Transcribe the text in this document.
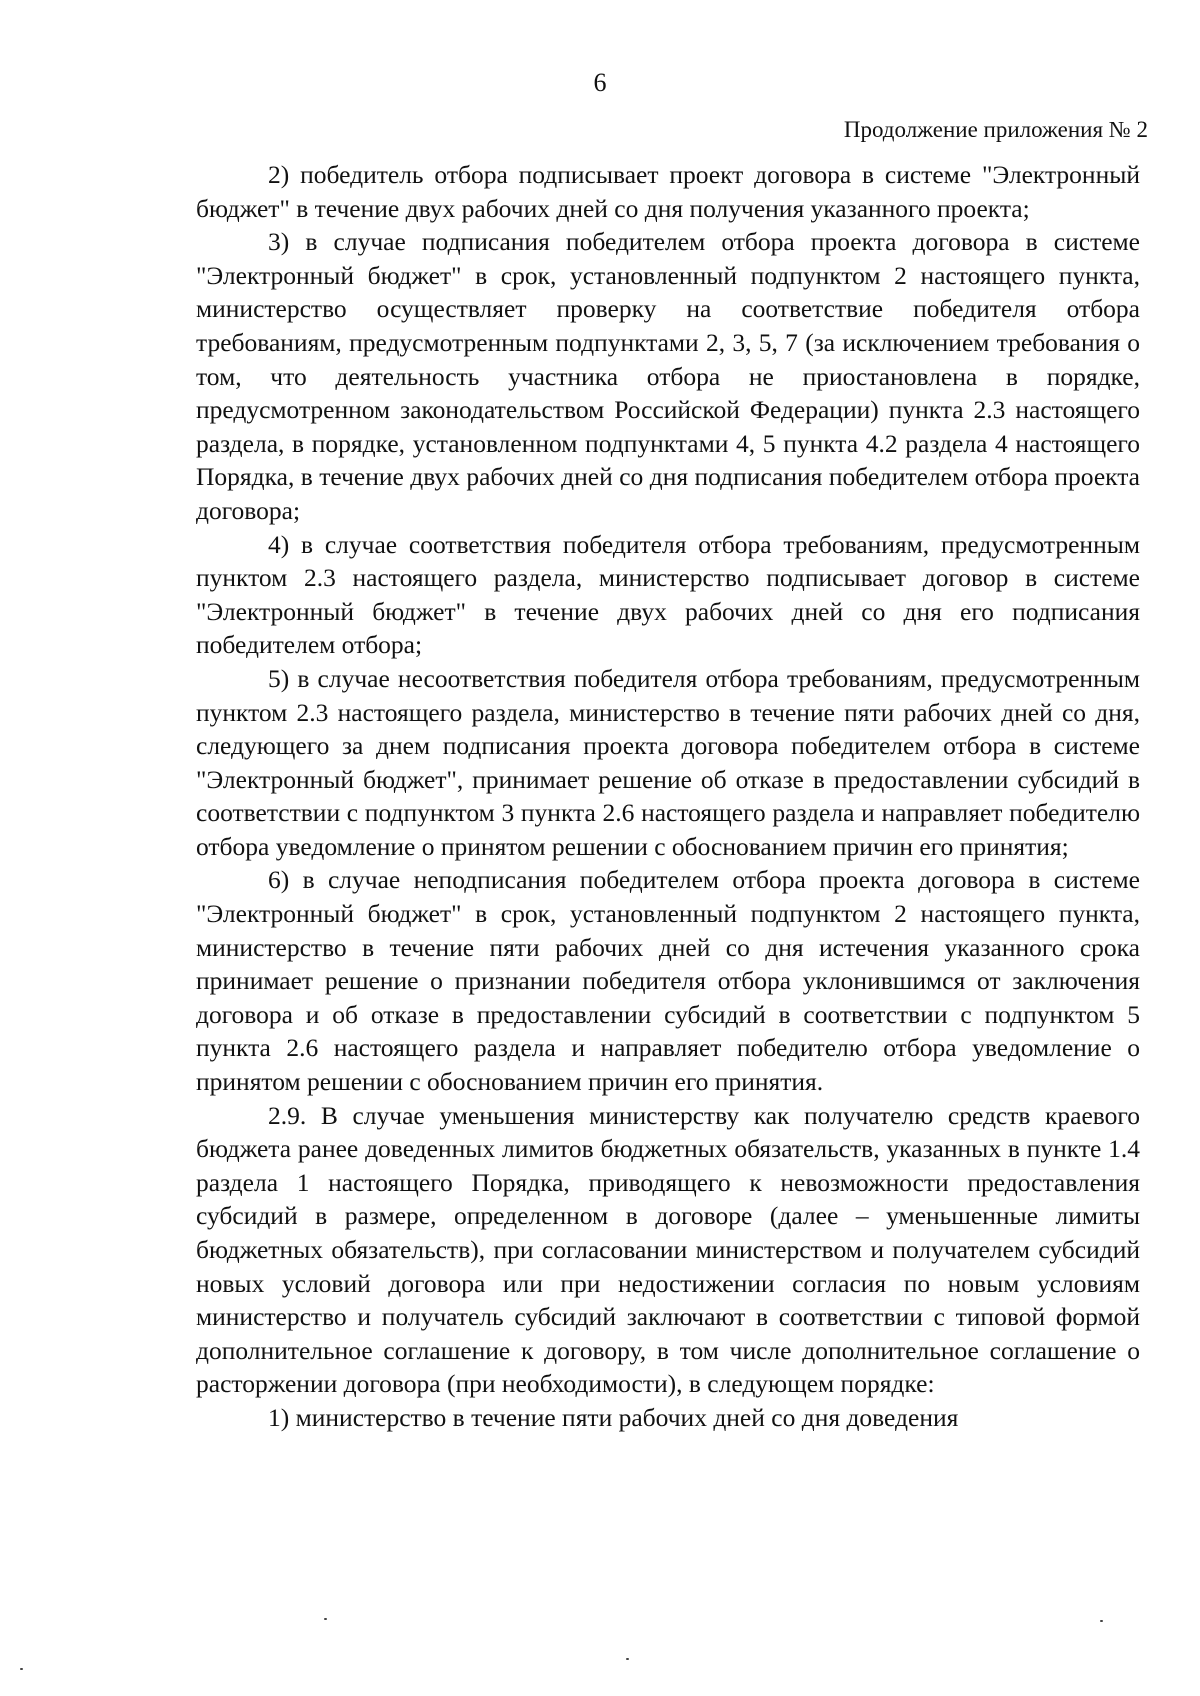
6
Продолжение приложения № 2

2) победитель отбора подписывает проект договора в системе "Электронный бюджет" в течение двух рабочих дней со дня получения указанного проекта;

3) в случае подписания победителем отбора проекта договора в системе "Электронный бюджет" в срок, установленный подпунктом 2 настоящего пункта, министерство осуществляет проверку на соответствие победителя отбора требованиям, предусмотренным подпунктами 2, 3, 5, 7 (за исключением требования о том, что деятельность участника отбора не приостановлена в порядке, предусмотренном законодательством Российской Федерации) пункта 2.3 настоящего раздела, в порядке, установленном подпунктами 4, 5 пункта 4.2 раздела 4 настоящего Порядка, в течение двух рабочих дней со дня подписания победителем отбора проекта договора;

4) в случае соответствия победителя отбора требованиям, предусмотренным пунктом 2.3 настоящего раздела, министерство подписывает договор в системе "Электронный бюджет" в течение двух рабочих дней со дня его подписания победителем отбора;

5) в случае несоответствия победителя отбора требованиям, предусмотренным пунктом 2.3 настоящего раздела, министерство в течение пяти рабочих дней со дня, следующего за днем подписания проекта договора победителем отбора в системе "Электронный бюджет", принимает решение об отказе в предоставлении субсидий в соответствии с подпунктом 3 пункта 2.6 настоящего раздела и направляет победителю отбора уведомление о принятом решении с обоснованием причин его принятия;

6) в случае неподписания победителем отбора проекта договора в системе "Электронный бюджет" в срок, установленный подпунктом 2 настоящего пункта, министерство в течение пяти рабочих дней со дня истечения указанного срока принимает решение о признании победителя отбора уклонившимся от заключения договора и об отказе в предоставлении субсидий в соответствии с подпунктом 5 пункта 2.6 настоящего раздела и направляет победителю отбора уведомление о принятом решении с обоснованием причин его принятия.

2.9. В случае уменьшения министерству как получателю средств краевого бюджета ранее доведенных лимитов бюджетных обязательств, указанных в пункте 1.4 раздела 1 настоящего Порядка, приводящего к невозможности предоставления субсидий в размере, определенном в договоре (далее – уменьшенные лимиты бюджетных обязательств), при согласовании министерством и получателем субсидий новых условий договора или при недостижении согласия по новым условиям министерство и получатель субсидий заключают в соответствии с типовой формой дополнительное соглашение к договору, в том числе дополнительное соглашение о расторжении договора (при необходимости), в следующем порядке:

1) министерство в течение пяти рабочих дней со дня доведения
